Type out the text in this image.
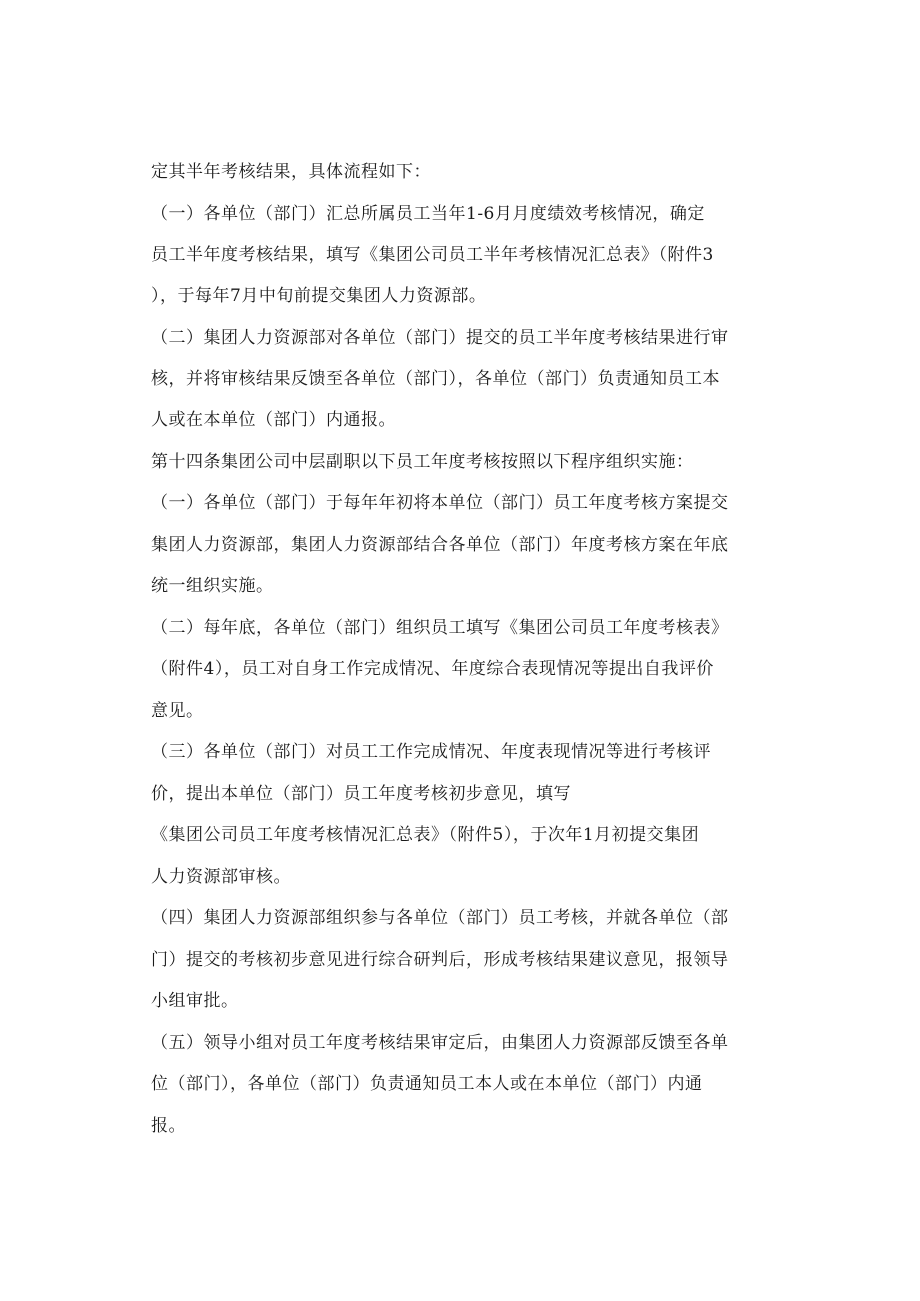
定其半年考核结果，具体流程如下：
（一）各单位（部门）汇总所属员工当年1-6月月度绩效考核情况，确定
员工半年度考核结果，填写《集团公司员工半年考核情况汇总表》（附件3
），于每年7月中旬前提交集团人力资源部。
（二）集团人力资源部对各单位（部门）提交的员工半年度考核结果进行审
核，并将审核结果反馈至各单位（部门），各单位（部门）负责通知员工本
人或在本单位（部门）内通报。
第十四条集团公司中层副职以下员工年度考核按照以下程序组织实施：
（一）各单位（部门）于每年年初将本单位（部门）员工年度考核方案提交
集团人力资源部，集团人力资源部结合各单位（部门）年度考核方案在年底
统一组织实施。
（二）每年底，各单位（部门）组织员工填写《集团公司员工年度考核表》
（附件4），员工对自身工作完成情况、年度综合表现情况等提出自我评价
意见。
（三）各单位（部门）对员工工作完成情况、年度表现情况等进行考核评
价，提出本单位（部门）员工年度考核初步意见，填写
《集团公司员工年度考核情况汇总表》（附件5），于次年1月初提交集团
人力资源部审核。
（四）集团人力资源部组织参与各单位（部门）员工考核，并就各单位（部
门）提交的考核初步意见进行综合研判后，形成考核结果建议意见，报领导
小组审批。
（五）领导小组对员工年度考核结果审定后，由集团人力资源部反馈至各单
位（部门），各单位（部门）负责通知员工本人或在本单位（部门）内通
报。
